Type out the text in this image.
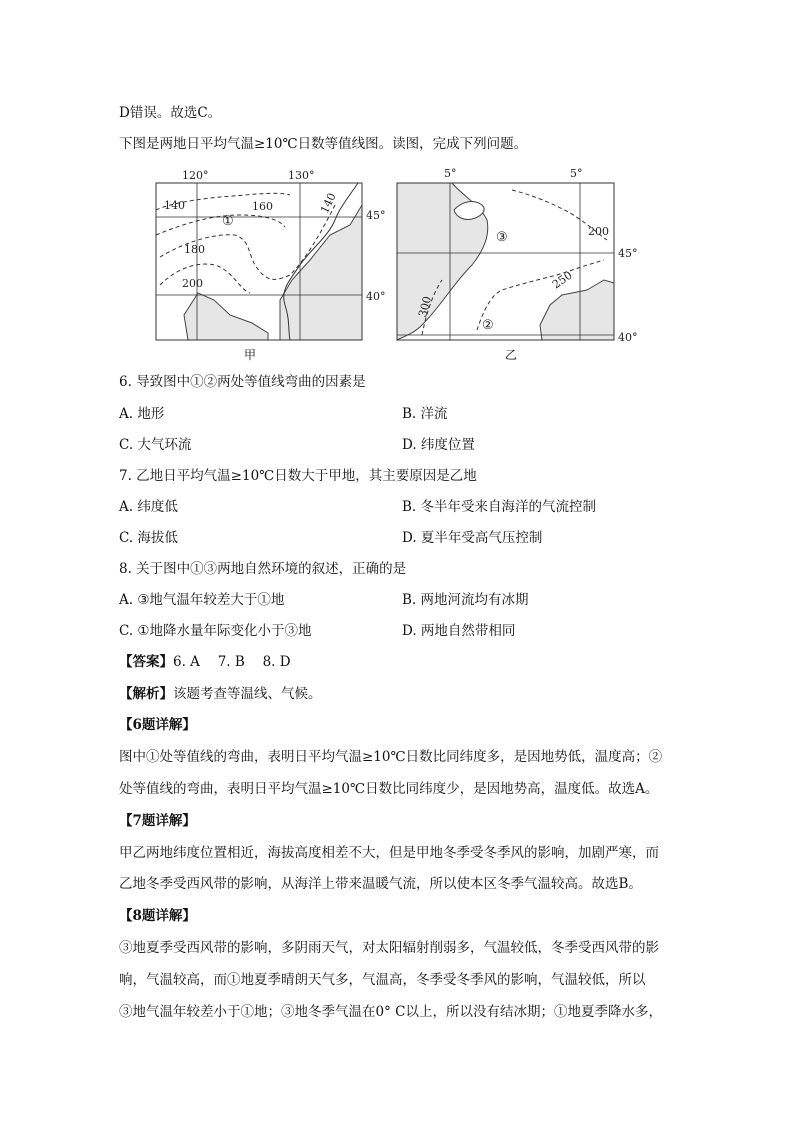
D错误。故选C。
下图是两地日平均气温≥10℃日数等值线图。读图，完成下列问题。
120°	130°
45°
40°
140	160	140
180
200
①
甲
5°	5°
45°
40°
200
250
300
③
②
乙
6. 导致图中①②两处等值线弯曲的因素是
A. 地形	B. 洋流
C. 大气环流	D. 纬度位置
7. 乙地日平均气温≥10℃日数大于甲地，其主要原因是乙地
A. 纬度低	B. 冬半年受来自海洋的气流控制
C. 海拔低	D. 夏半年受高气压控制
8. 关于图中①③两地自然环境的叙述，正确的是
A. ③地气温年较差大于①地	B. 两地河流均有冰期
C. ①地降水量年际变化小于③地	D. 两地自然带相同
【答案】6. A　 7. B　 8. D
【解析】该题考查等温线、气候。
【6题详解】
图中①处等值线的弯曲，表明日平均气温≥10℃日数比同纬度多，是因地势低，温度高；②
处等值线的弯曲，表明日平均气温≥10℃日数比同纬度少，是因地势高，温度低。故选A。
【7题详解】
甲乙两地纬度位置相近，海拔高度相差不大，但是甲地冬季受冬季风的影响，加剧严寒，而
乙地冬季受西风带的影响，从海洋上带来温暖气流，所以使本区冬季气温较高。故选B。
【8题详解】
③地夏季受西风带的影响，多阴雨天气，对太阳辐射削弱多，气温较低，冬季受西风带的影
响，气温较高，而①地夏季晴朗天气多，气温高，冬季受冬季风的影响，气温较低，所以
③地气温年较差小于①地；③地冬季气温在0° C以上，所以没有结冰期；①地夏季降水多，
